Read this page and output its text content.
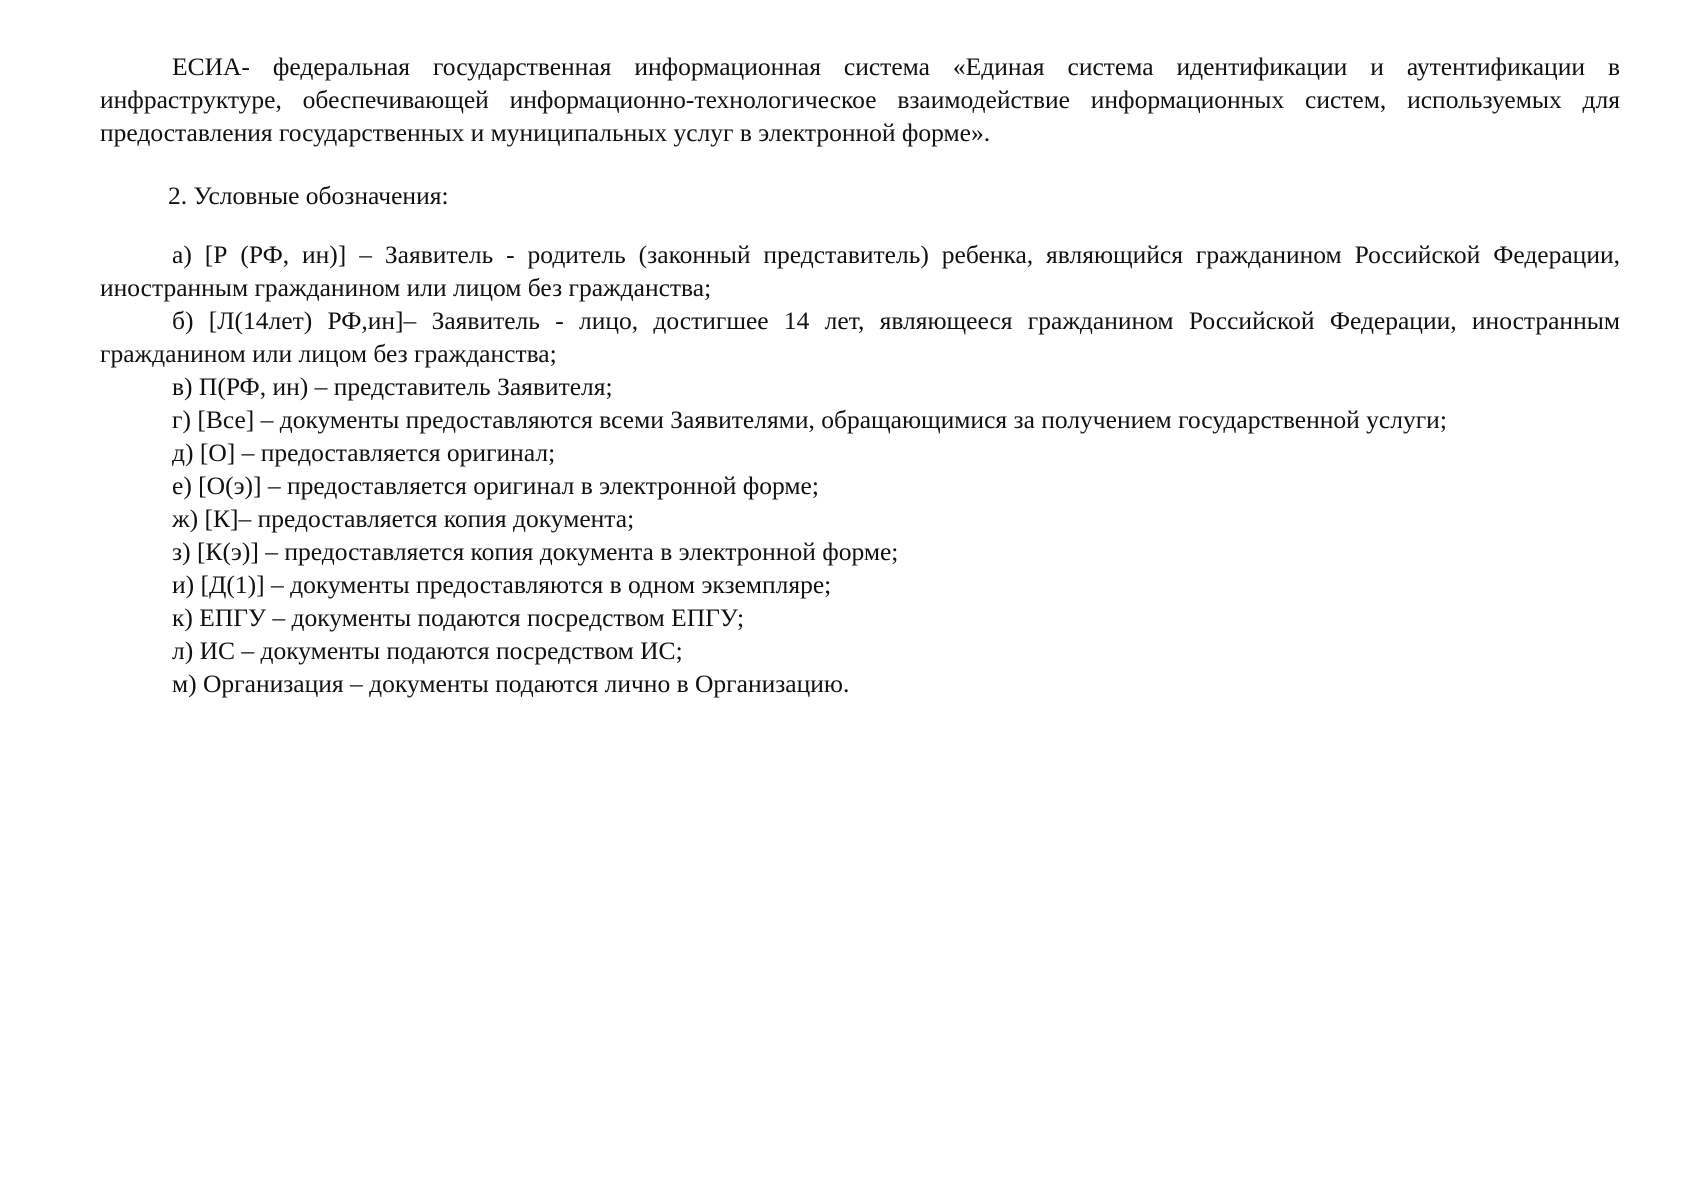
ЕСИА- федеральная государственная информационная система «Единая система идентификации и аутентификации в инфраструктуре, обеспечивающей информационно-технологическое взаимодействие информационных систем, используемых для предоставления государственных и муниципальных услуг в электронной форме».

2. Условные обозначения:

а) [Р (РФ, ин)] – Заявитель - родитель (законный представитель) ребенка, являющийся гражданином Российской Федерации, иностранным гражданином или лицом без гражданства;
б) [Л(14лет) РФ,ин]– Заявитель - лицо, достигшее 14 лет, являющееся гражданином Российской Федерации, иностранным гражданином или лицом без гражданства;
в) П(РФ, ин) – представитель Заявителя;
г) [Все] – документы предоставляются всеми Заявителями, обращающимися за получением государственной услуги;
д) [О] – предоставляется оригинал;
е) [О(э)] – предоставляется оригинал в электронной форме;
ж) [К]– предоставляется копия документа;
з) [К(э)] – предоставляется копия документа в электронной форме;
и) [Д(1)] – документы предоставляются в одном экземпляре;
к) ЕПГУ – документы подаются посредством ЕПГУ;
л) ИС – документы подаются посредством ИС;
м) Организация – документы подаются лично в Организацию.
